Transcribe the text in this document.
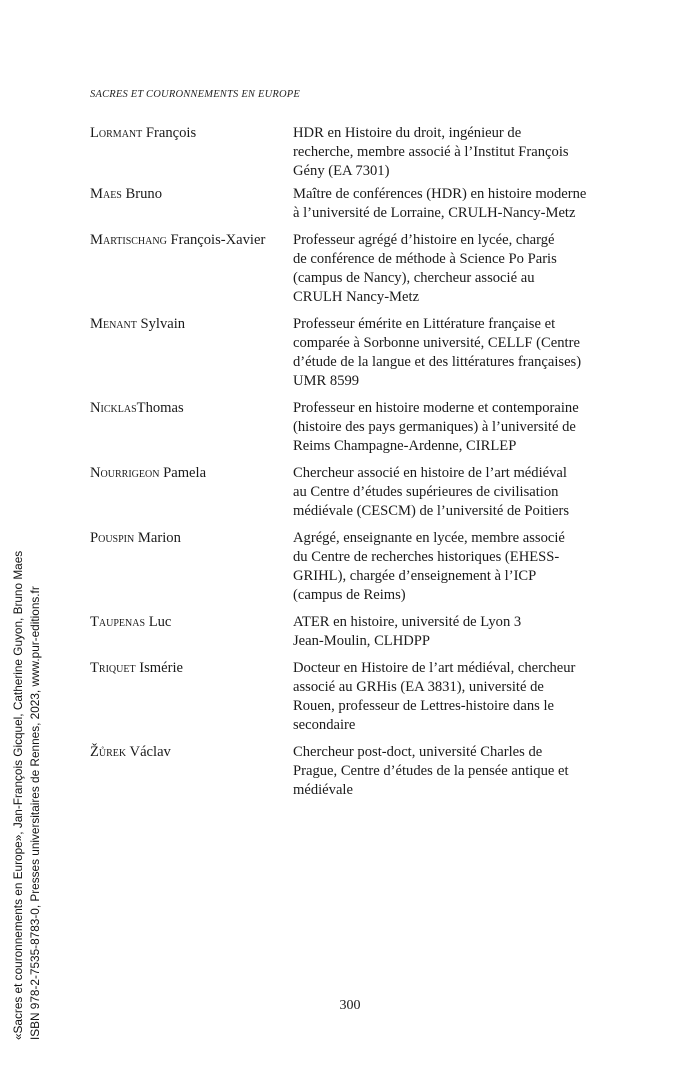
SACRES ET COURONNEMENTS EN EUROPE
Lormant François	HDR en Histoire du droit, ingénieur de
recherche, membre associé à l’Institut François
Gény (EA 7301)
Maes Bruno	Maître de conférences (HDR) en histoire moderne
à l’université de Lorraine, CRULH-Nancy-Metz
Martischang François-Xavier	Professeur agrégé d’histoire en lycée, chargé
de conférence de méthode à Science Po Paris
(campus de Nancy), chercheur associé au
CRULH Nancy-Metz
Menant Sylvain	Professeur émérite en Littérature française et
comparée à Sorbonne université, CELLF (Centre
d’étude de la langue et des littératures françaises)
UMR 8599
NicklasThomas	Professeur en histoire moderne et contemporaine
(histoire des pays germaniques) à l’université de
Reims Champagne-Ardenne, CIRLEP
Nourrigeon Pamela	Chercheur associé en histoire de l’art médiéval
au Centre d’études supérieures de civilisation
médiévale (CESCM) de l’université de Poitiers
Pouspin Marion	Agrégé, enseignante en lycée, membre associé
du Centre de recherches historiques (EHESS-
GRIHL), chargée d’enseignement à l’ICP
(campus de Reims)
Taupenas Luc	ATER en histoire, université de Lyon 3
Jean-Moulin, CLHDPP
Triquet Ismérie	Docteur en Histoire de l’art médiéval, chercheur
associé au GRHis (EA 3831), université de
Rouen, professeur de Lettres-histoire dans le
secondaire
Žůrek Václav	Chercheur post-doct, université Charles de
Prague, Centre d’études de la pensée antique et
médiévale
300
«Sacres et couronnements en Europe», Jan-François Gicquel, Catherine Guyon, Bruno Maes ISBN 978-2-7535-8783-0, Presses universitaires de Rennes, 2023, www.pur-editions.fr
